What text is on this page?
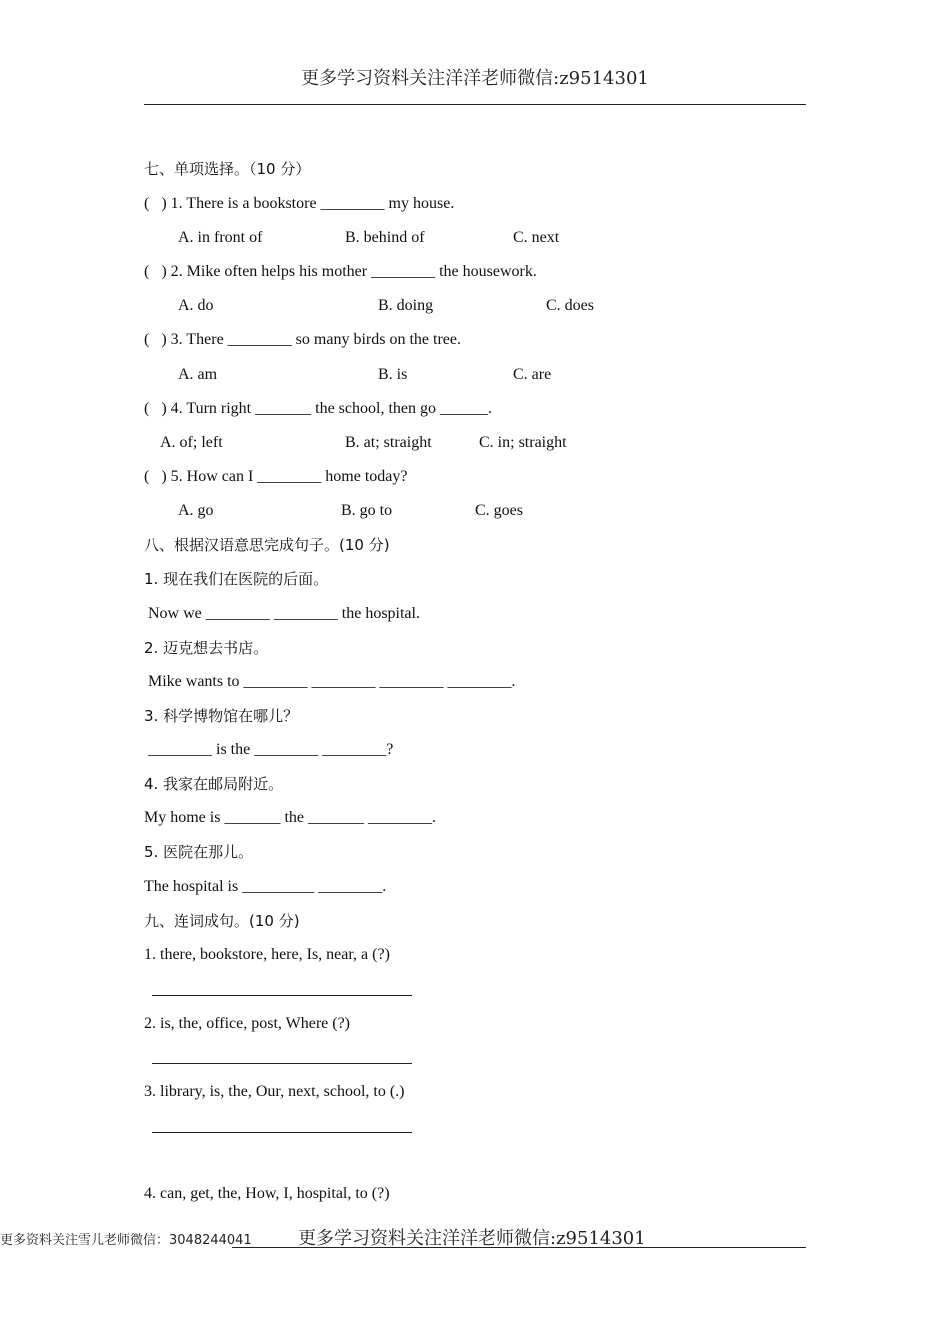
更多学习资料关注洋洋老师微信:z9514301
七、单项选择。（10 分）
(   ) 1. There is a bookstore ________ my house.
A. in front of	B. behind of	C. next
(   ) 2. Mike often helps his mother ________ the housework.
A. do	B. doing	C. does
(   ) 3. There ________ so many birds on the tree.
A. am	B. is	C. are
(   ) 4. Turn right _______ the school, then go ______.
A. of; left	B. at; straight	C. in; straight
(   ) 5. How can I ________ home today?
A. go	B. go to	C. goes
八、根据汉语意思完成句子。(10 分)
1. 现在我们在医院的后面。
Now we ________ ________ the hospital.
2. 迈克想去书店。
Mike wants to ________ ________ ________ ________.
3. 科学博物馆在哪儿？
________ is the ________ ________?
4. 我家在邮局附近。
My home is _______ the _______ ________.
5. 医院在那儿。
The hospital is _________ ________.
九、连词成句。(10 分)
1. there, bookstore, here, Is, near, a (?)
2. is, the, office, post, Where (?)
3. library, is, the, Our, next, school, to (.)
4. can, get, the, How, I, hospital, to (?)
更多资料关注雪儿老师微信：3048244041	更多学习资料关注洋洋老师微信:z9514301
